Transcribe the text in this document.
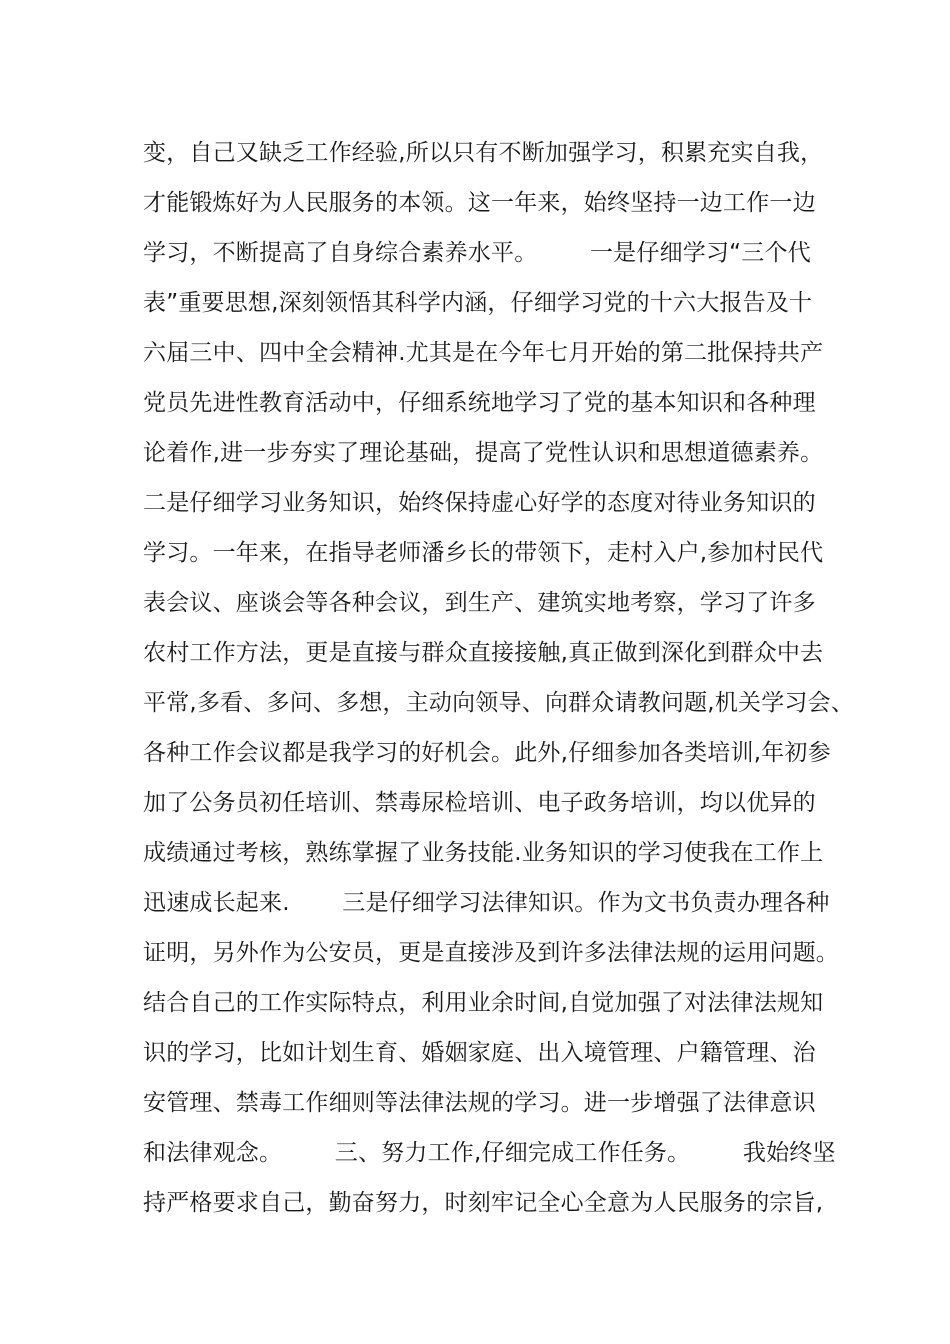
变，自己又缺乏工作经验,所以只有不断加强学习，积累充实自我，
才能锻炼好为人民服务的本领。这一年来，始终坚持一边工作一边
学习，不断提高了自身综合素养水平。       一是仔细学习“三个代
表”重要思想,深刻领悟其科学内涵，仔细学习党的十六大报告及十
六届三中、四中全会精神.尤其是在今年七月开始的第二批保持共产
党员先进性教育活动中，仔细系统地学习了党的基本知识和各种理
论着作,进一步夯实了理论基础，提高了党性认识和思想道德素养。
二是仔细学习业务知识，始终保持虚心好学的态度对待业务知识的
学习。一年来，在指导老师潘乡长的带领下，走村入户,参加村民代
表会议、座谈会等各种会议，到生产、建筑实地考察，学习了许多
农村工作方法，更是直接与群众直接接触,真正做到深化到群众中去
平常,多看、多问、多想，主动向领导、向群众请教问题,机关学习会、
各种工作会议都是我学习的好机会。此外,仔细参加各类培训,年初参
加了公务员初任培训、禁毒尿检培训、电子政务培训，均以优异的
成绩通过考核，熟练掌握了业务技能.业务知识的学习使我在工作上
迅速成长起来.       三是仔细学习法律知识。作为文书负责办理各种
证明，另外作为公安员，更是直接涉及到许多法律法规的运用问题。
结合自己的工作实际特点，利用业余时间,自觉加强了对法律法规知
识的学习，比如计划生育、婚姻家庭、出入境管理、户籍管理、治
安管理、禁毒工作细则等法律法规的学习。进一步增强了法律意识
和法律观念。       三、努力工作,仔细完成工作任务。       我始终坚
持严格要求自己，勤奋努力，时刻牢记全心全意为人民服务的宗旨,
